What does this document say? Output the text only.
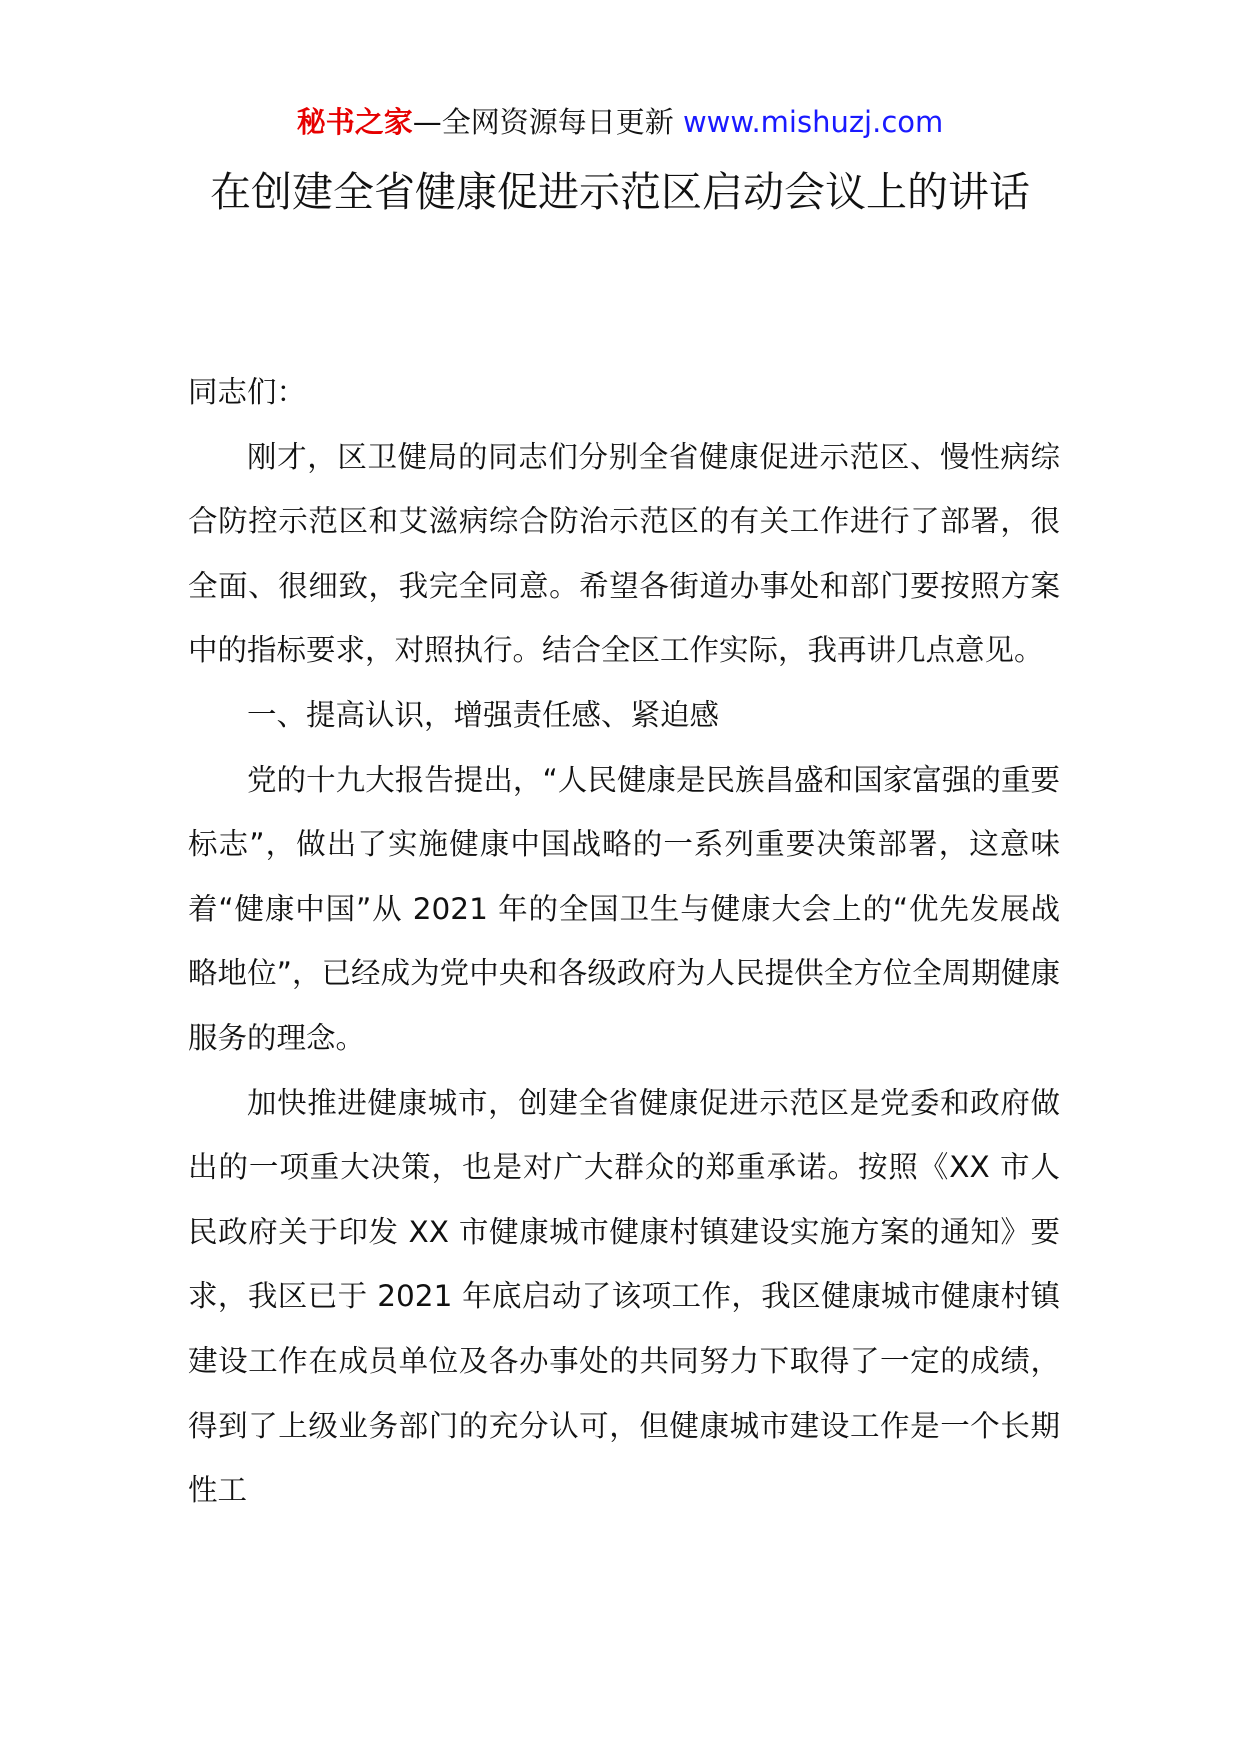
秘书之家—全网资源每日更新 www.mishuzj.com
在创建全省健康促进示范区启动会议上的讲话

同志们：

刚才，区卫健局的同志们分别全省健康促进示范区、慢性病综合防控示范区和艾滋病综合防治示范区的有关工作进行了部署，很全面、很细致，我完全同意。希望各街道办事处和部门要按照方案中的指标要求，对照执行。结合全区工作实际，我再讲几点意见。

一、提高认识，增强责任感、紧迫感

党的十九大报告提出，“人民健康是民族昌盛和国家富强的重要标志”，做出了实施健康中国战略的一系列重要决策部署，这意味着“健康中国”从 2021 年的全国卫生与健康大会上的“优先发展战略地位”，已经成为党中央和各级政府为人民提供全方位全周期健康服务的理念。

加快推进健康城市，创建全省健康促进示范区是党委和政府做出的一项重大决策，也是对广大群众的郑重承诺。按照《XX 市人民政府关于印发 XX 市健康城市健康村镇建设实施方案的通知》要求，我区已于 2021 年底启动了该项工作，我区健康城市健康村镇建设工作在成员单位及各办事处的共同努力下取得了一定的成绩，得到了上级业务部门的充分认可，但健康城市建设工作是一个长期性工
